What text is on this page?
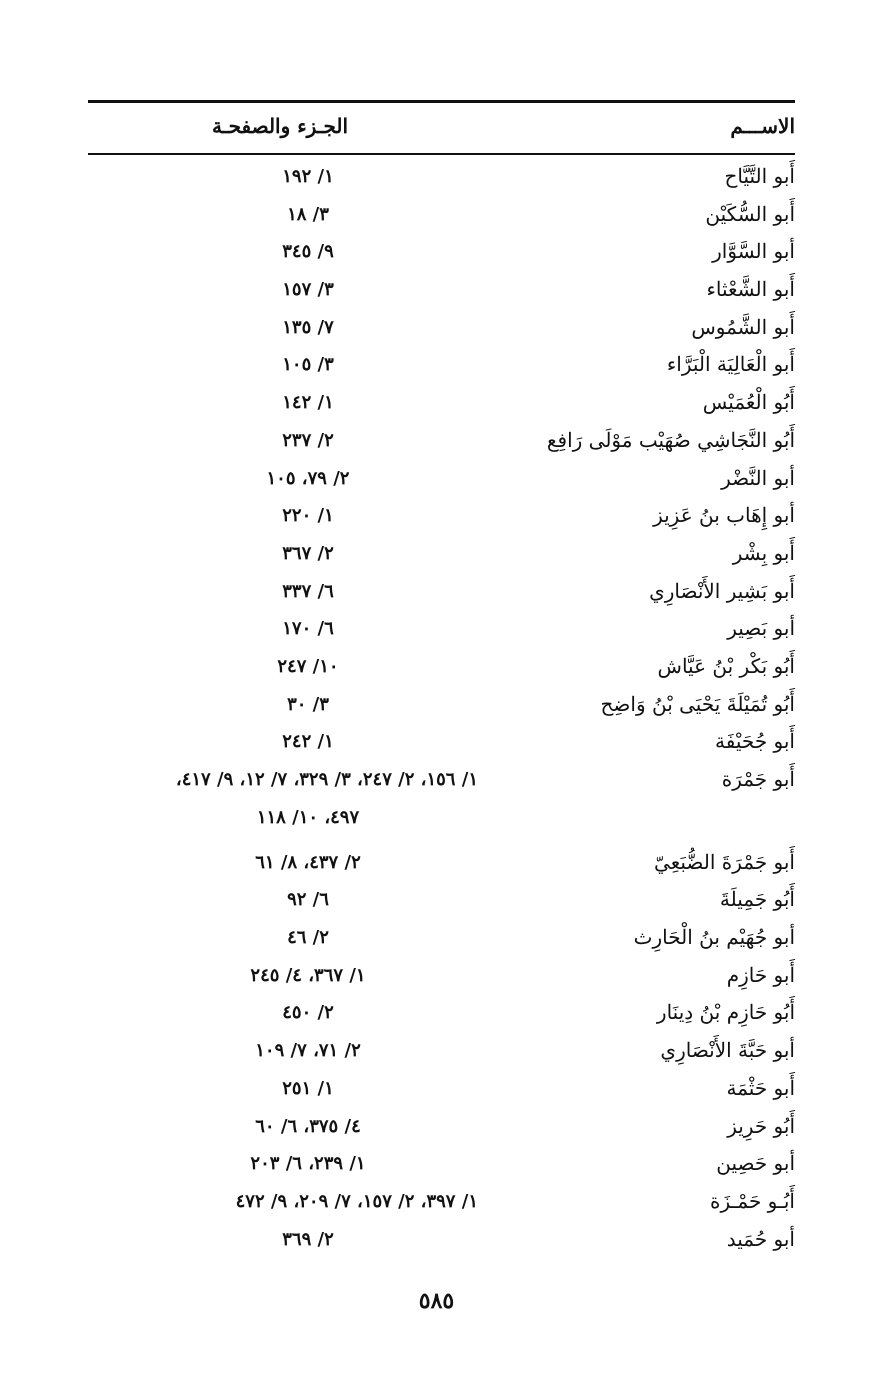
الاســـم
الجـزء والصفحـة
أَبو التَّيَّاح
١/ ١٩٢
أَبو السُّكَيْن
٣/ ١٨
أبو السَّوَّار
٩/ ٣٤٥
أَبو الشَّعْثاء
٣/ ١٥٧
أَبو الشَّمُوس
٧/ ١٣٥
أَبو الْعَالِيَة الْبَرَّاء
٣/ ١٠٥
أَبُو الْعُمَيْس
١/ ١٤٢
أَبُو النَّجَاشِي صُهَيْب مَوْلَى رَافِع
٢/ ٢٣٧
أبو النَّضْر
٢/ ٧٩، ١٠٥
أبو إِهَاب بنُ عَزِيز
١/ ٢٢٠
أَبو بِشْر
٢/ ٣٦٧
أَبو بَشِير الأَنْصَارِي
٦/ ٣٣٧
أبو بَصِير
٦/ ١٧٠
أَبُو بَكْر بْنُ عَيَّاش
١٠/ ٢٤٧
أَبُو تُمَيْلَةَ يَحْيَى بْنُ وَاضِح
٣/ ٣٠
أَبو جُحَيْفَة
١/ ٢٤٢
أَبو جَمْرَة
١/ ١٥٦، ٢/ ٢٤٧، ٣/ ٣٢٩، ٧/ ١٢، ٩/ ٤١٧،
٤٩٧، ١٠/ ١١٨
أَبو جَمْرَةَ الضُّبَعِيّ
٢/ ٤٣٧، ٨/ ٦١
أَبُو جَمِيلَةَ
٦/ ٩٢
أبو جُهَيْم بنُ الْحَارِث
٢/ ٤٦
أَبو حَازِم
١/ ٣٦٧، ٤/ ٢٤٥
أَبُو حَازِم بْنُ دِينَار
٢/ ٤٥٠
أبو حَبَّةَ الأَنْصَارِي
٢/ ٧١، ٧/ ١٠٩
أَبو حَثْمَة
١/ ٢٥١
أَبُو حَرِيز
٤/ ٣٧٥، ٦/ ٦٠
أبو حَصِين
١/ ٢٣٩، ٦/ ٢٠٣
أَبُـو حَمْـزَة
١/ ٣٩٧، ٢/ ١٥٧، ٧/ ٢٠٩، ٩/ ٤٧٢
أبو حُمَيد
٢/ ٣٦٩
٥٨٥
